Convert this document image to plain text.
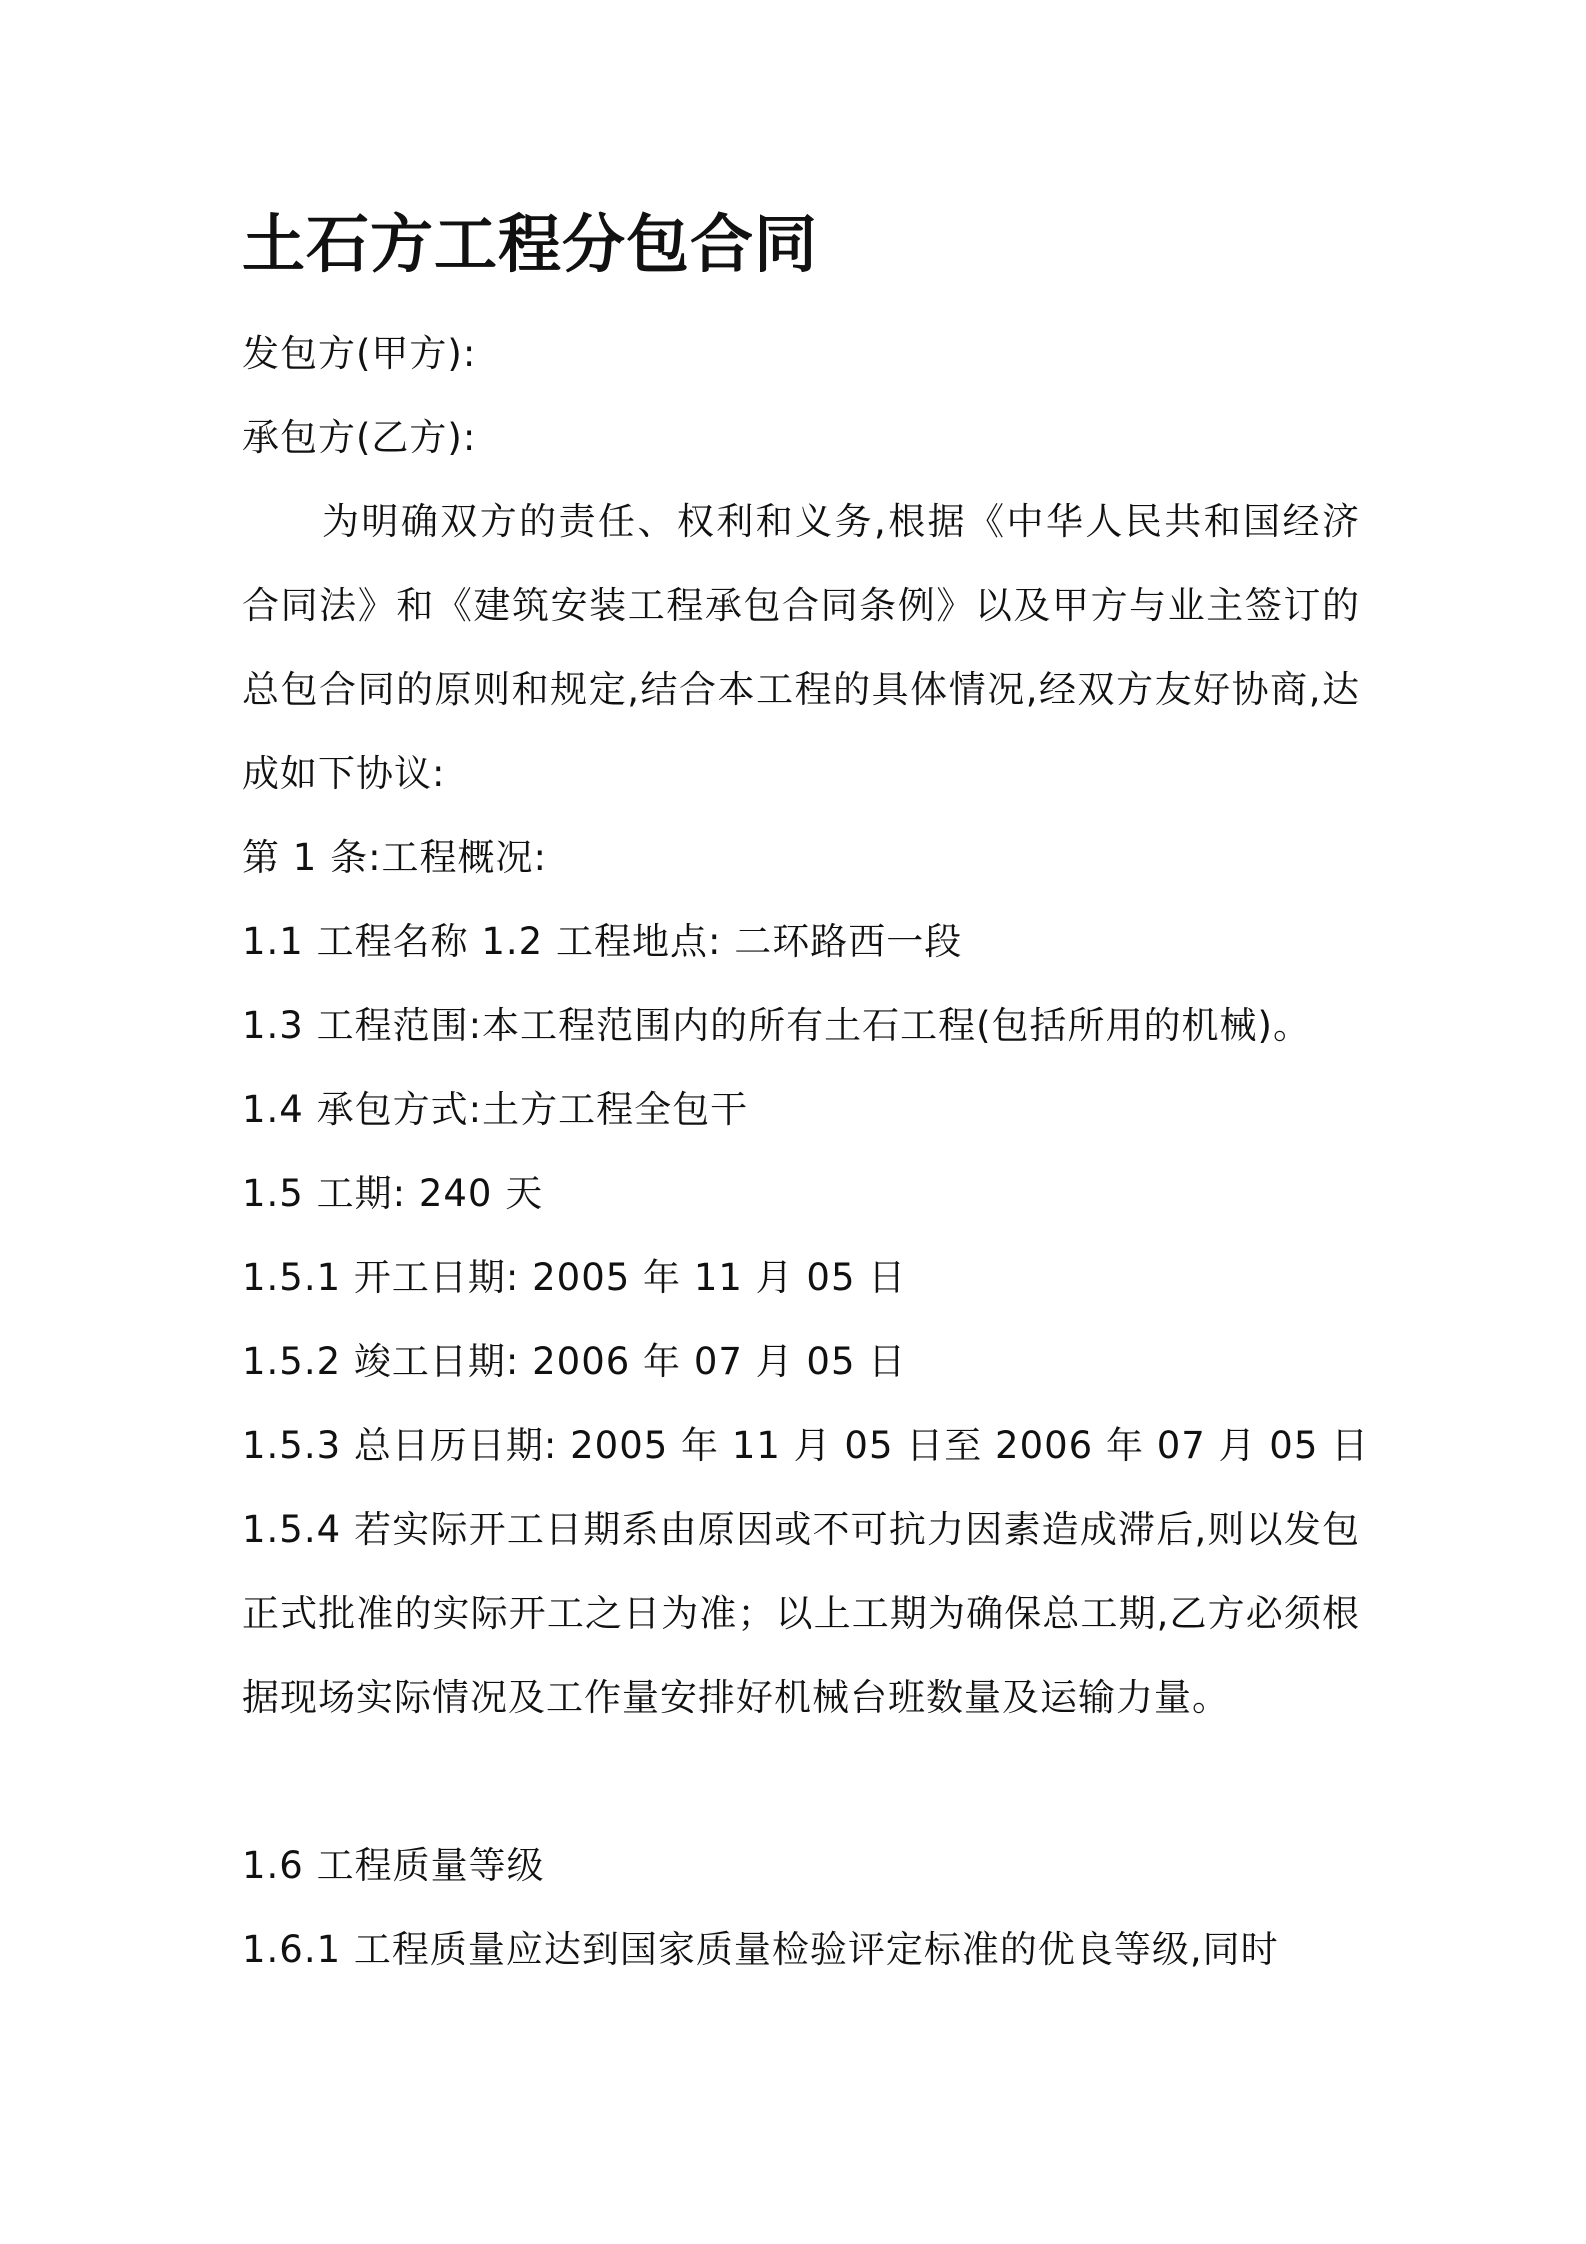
土石方工程分包合同
发包方(甲方):
承包方(乙方):
为明确双方的责任、权利和义务,根据《中华人民共和国经济合同法》和《建筑安装工程承包合同条例》以及甲方与业主签订的总包合同的原则和规定,结合本工程的具体情况,经双方友好协商,达成如下协议:
第 1 条:工程概况:
1.1 工程名称 1.2 工程地点: 二环路西一段
1.3 工程范围:本工程范围内的所有土石工程(包括所用的机械)。
1.4 承包方式:土方工程全包干
1.5 工期: 240 天
1.5.1 开工日期: 2005 年 11 月 05 日
1.5.2 竣工日期: 2006 年 07 月 05 日
1.5.3 总日历日期: 2005 年 11 月 05 日至 2006 年 07 月 05 日
1.5.4 若实际开工日期系由原因或不可抗力因素造成滞后,则以发包正式批准的实际开工之日为准；以上工期为确保总工期,乙方必须根据现场实际情况及工作量安排好机械台班数量及运输力量。
1.6 工程质量等级
1.6.1 工程质量应达到国家质量检验评定标准的优良等级,同时
